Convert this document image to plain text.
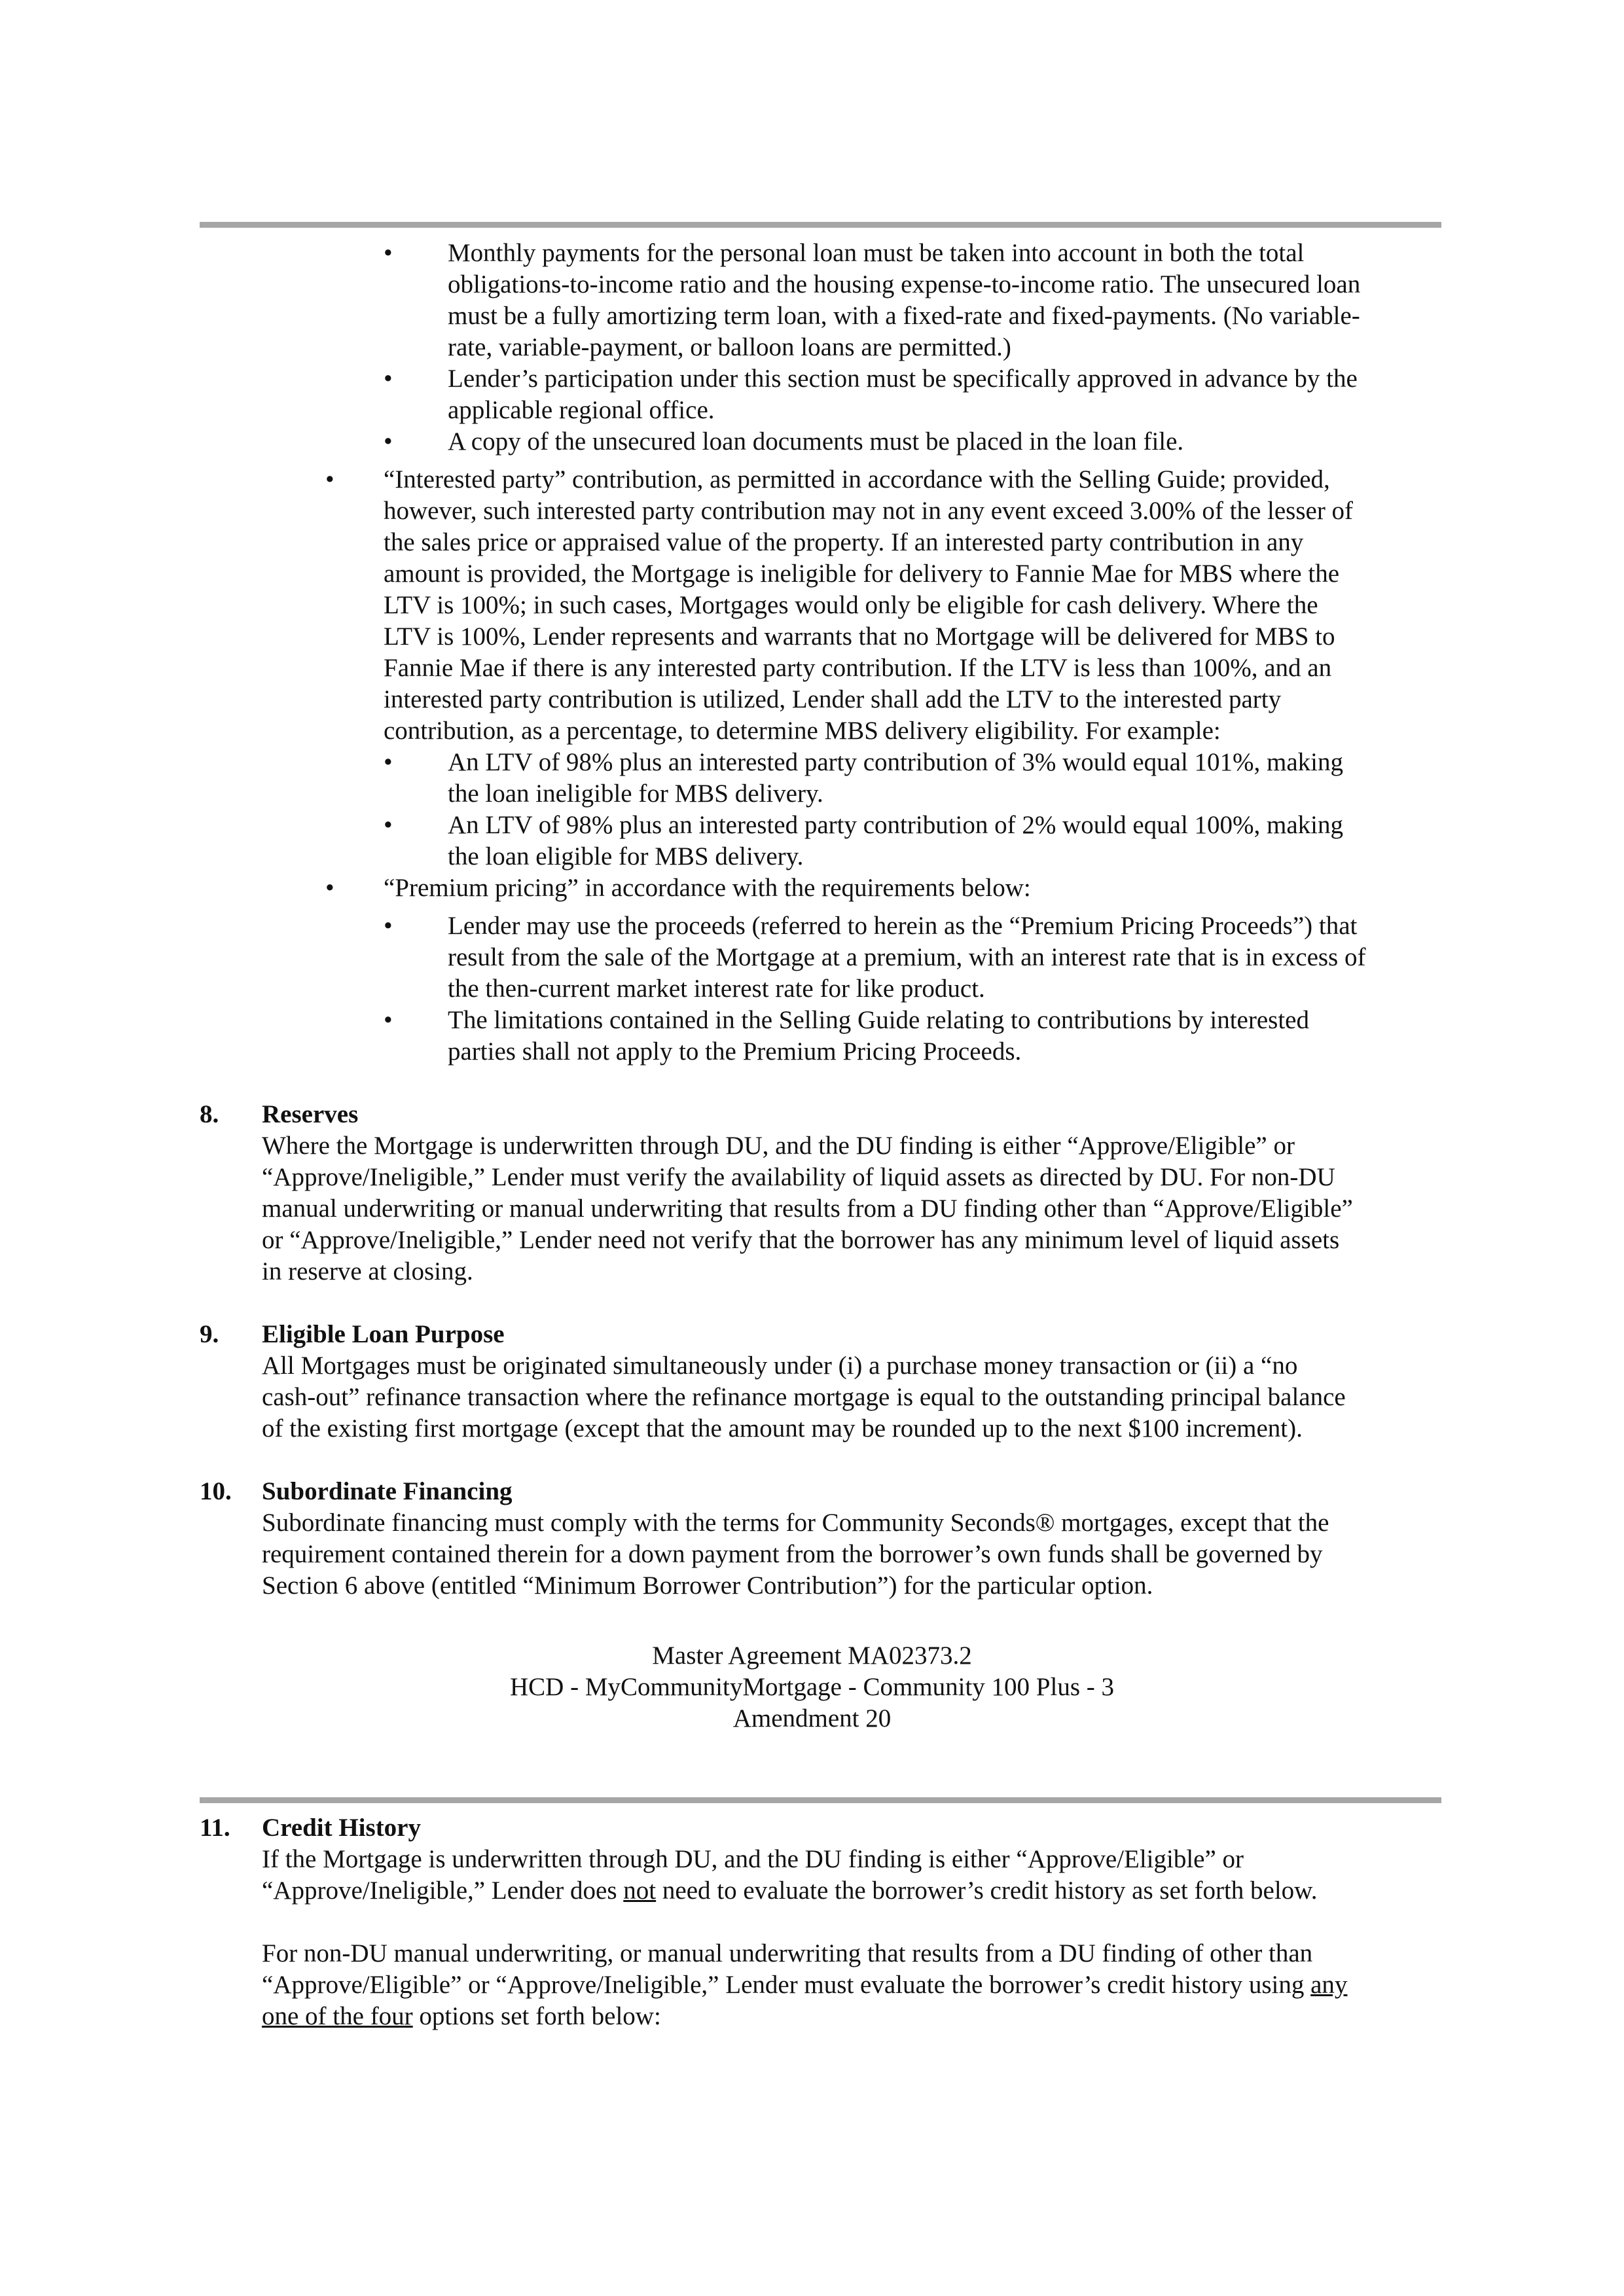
• Monthly payments for the personal loan must be taken into account in both the total
obligations-to-income ratio and the housing expense-to-income ratio. The unsecured loan
must be a fully amortizing term loan, with a fixed-rate and fixed-payments. (No variable-
rate, variable-payment, or balloon loans are permitted.)
• Lender’s participation under this section must be specifically approved in advance by the
applicable regional office.
• A copy of the unsecured loan documents must be placed in the loan file.
• “Interested party” contribution, as permitted in accordance with the Selling Guide; provided,
however, such interested party contribution may not in any event exceed 3.00% of the lesser of
the sales price or appraised value of the property. If an interested party contribution in any
amount is provided, the Mortgage is ineligible for delivery to Fannie Mae for MBS where the
LTV is 100%; in such cases, Mortgages would only be eligible for cash delivery. Where the
LTV is 100%, Lender represents and warrants that no Mortgage will be delivered for MBS to
Fannie Mae if there is any interested party contribution. If the LTV is less than 100%, and an
interested party contribution is utilized, Lender shall add the LTV to the interested party
contribution, as a percentage, to determine MBS delivery eligibility. For example:
• An LTV of 98% plus an interested party contribution of 3% would equal 101%, making
the loan ineligible for MBS delivery.
• An LTV of 98% plus an interested party contribution of 2% would equal 100%, making
the loan eligible for MBS delivery.
• “Premium pricing” in accordance with the requirements below:
• Lender may use the proceeds (referred to herein as the “Premium Pricing Proceeds”) that
result from the sale of the Mortgage at a premium, with an interest rate that is in excess of
the then-current market interest rate for like product.
• The limitations contained in the Selling Guide relating to contributions by interested
parties shall not apply to the Premium Pricing Proceeds.
8. Reserves
Where the Mortgage is underwritten through DU, and the DU finding is either “Approve/Eligible” or
“Approve/Ineligible,” Lender must verify the availability of liquid assets as directed by DU. For non-DU
manual underwriting or manual underwriting that results from a DU finding other than “Approve/Eligible”
or “Approve/Ineligible,” Lender need not verify that the borrower has any minimum level of liquid assets
in reserve at closing.
9. Eligible Loan Purpose
All Mortgages must be originated simultaneously under (i) a purchase money transaction or (ii) a “no
cash-out” refinance transaction where the refinance mortgage is equal to the outstanding principal balance
of the existing first mortgage (except that the amount may be rounded up to the next $100 increment).
10. Subordinate Financing
Subordinate financing must comply with the terms for Community Seconds® mortgages, except that the
requirement contained therein for a down payment from the borrower’s own funds shall be governed by
Section 6 above (entitled “Minimum Borrower Contribution”) for the particular option.
Master Agreement MA02373.2
HCD - MyCommunityMortgage - Community 100 Plus - 3
Amendment 20
11. Credit History
If the Mortgage is underwritten through DU, and the DU finding is either “Approve/Eligible” or
“Approve/Ineligible,” Lender does not need to evaluate the borrower’s credit history as set forth below.
For non-DU manual underwriting, or manual underwriting that results from a DU finding of other than
“Approve/Eligible” or “Approve/Ineligible,” Lender must evaluate the borrower’s credit history using any
one of the four options set forth below:
